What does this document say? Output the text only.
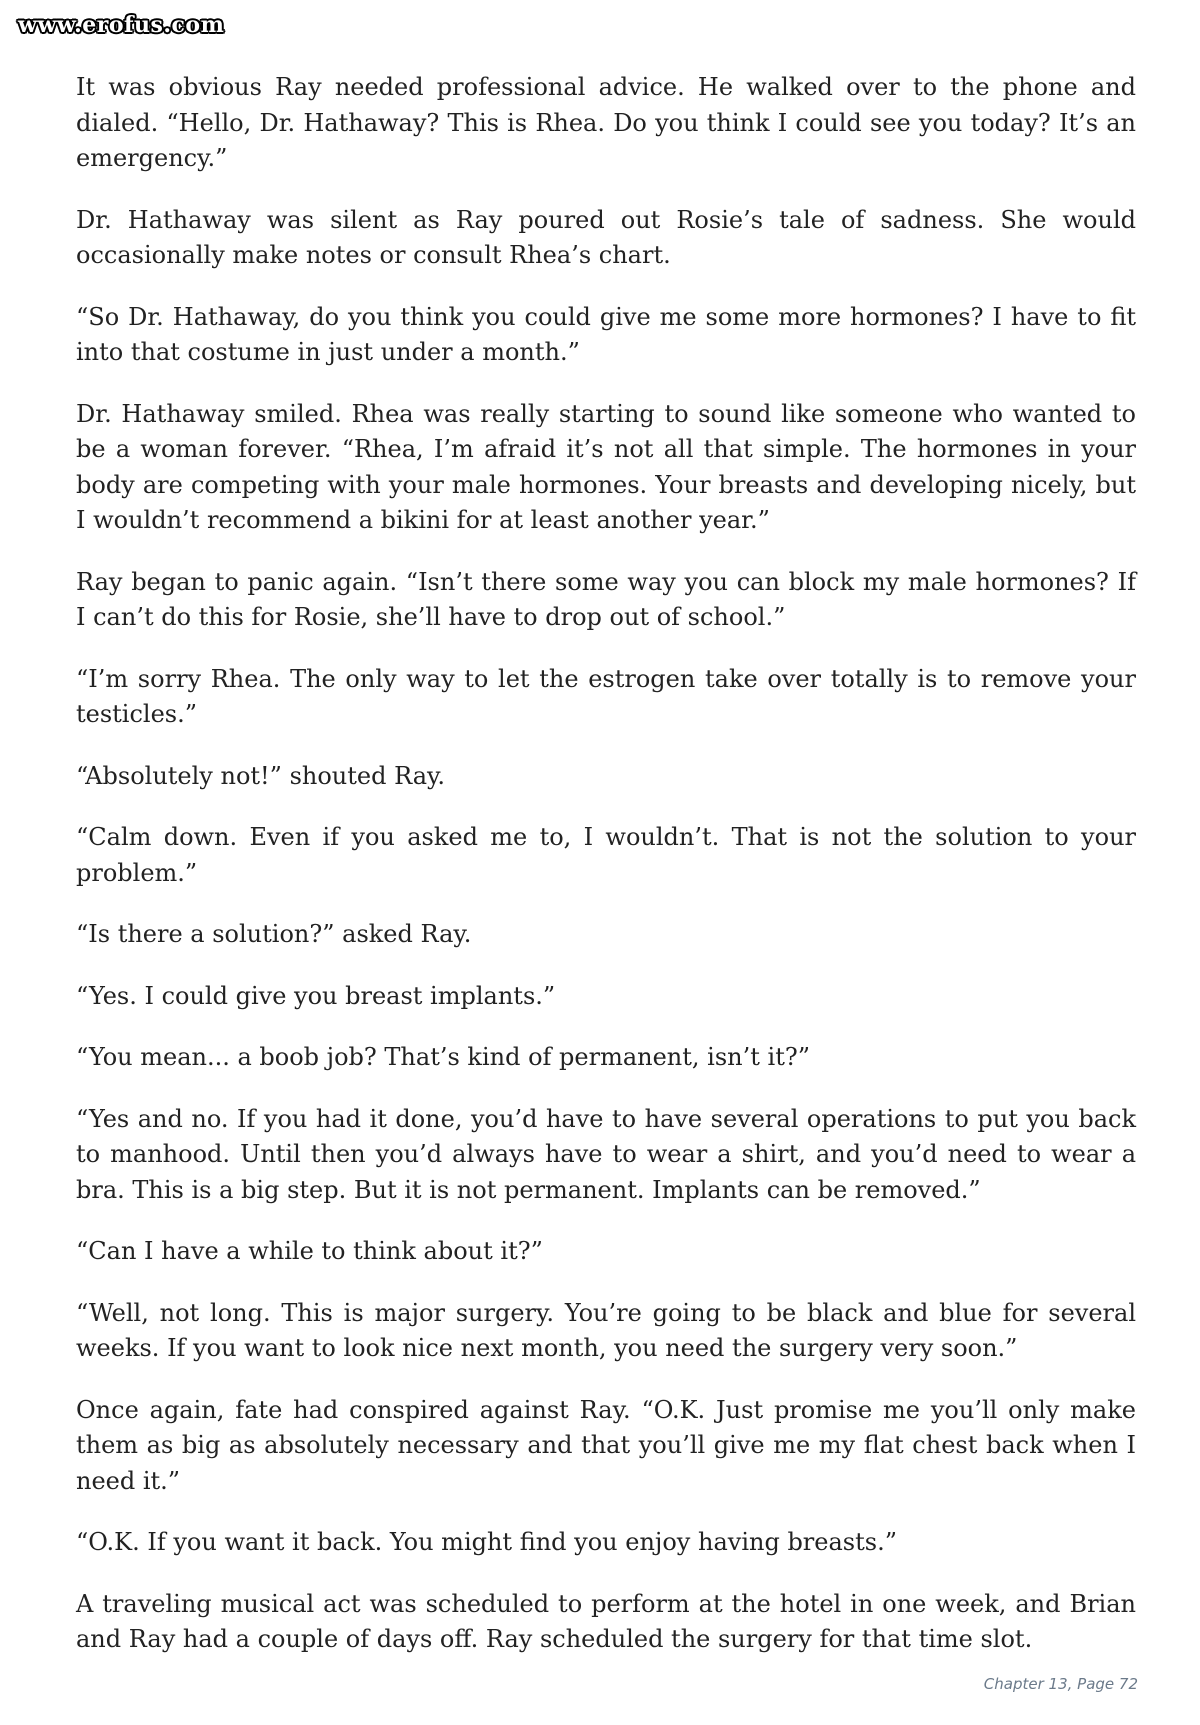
www.erofus.com

It was obvious Ray needed professional advice. He walked over to the phone and dialed. “Hello, Dr. Hathaway? This is Rhea. Do you think I could see you today? It’s an emergency.”

Dr. Hathaway was silent as Ray poured out Rosie’s tale of sadness. She would occasionally make notes or consult Rhea’s chart.

“So Dr. Hathaway, do you think you could give me some more hormones? I have to fit into that costume in just under a month.”

Dr. Hathaway smiled. Rhea was really starting to sound like someone who wanted to be a woman forever. “Rhea, I’m afraid it’s not all that simple. The hormones in your body are competing with your male hormones. Your breasts and developing nicely, but I wouldn’t recommend a bikini for at least another year.”

Ray began to panic again. “Isn’t there some way you can block my male hormones? If I can’t do this for Rosie, she’ll have to drop out of school.”

“I’m sorry Rhea. The only way to let the estrogen take over totally is to remove your testicles.”

“Absolutely not!” shouted Ray.

“Calm down. Even if you asked me to, I wouldn’t. That is not the solution to your problem.”

“Is there a solution?” asked Ray.

“Yes. I could give you breast implants.”

“You mean... a boob job? That’s kind of permanent, isn’t it?”

“Yes and no. If you had it done, you’d have to have several operations to put you back to manhood. Until then you’d always have to wear a shirt, and you’d need to wear a bra. This is a big step. But it is not permanent. Implants can be removed.”

“Can I have a while to think about it?”

“Well, not long. This is major surgery. You’re going to be black and blue for several weeks. If you want to look nice next month, you need the surgery very soon.”

Once again, fate had conspired against Ray. “O.K. Just promise me you’ll only make them as big as absolutely necessary and that you’ll give me my flat chest back when I need it.”

“O.K. If you want it back. You might find you enjoy having breasts.”

A traveling musical act was scheduled to perform at the hotel in one week, and Brian and Ray had a couple of days off. Ray scheduled the surgery for that time slot.

Chapter 13, Page 72
